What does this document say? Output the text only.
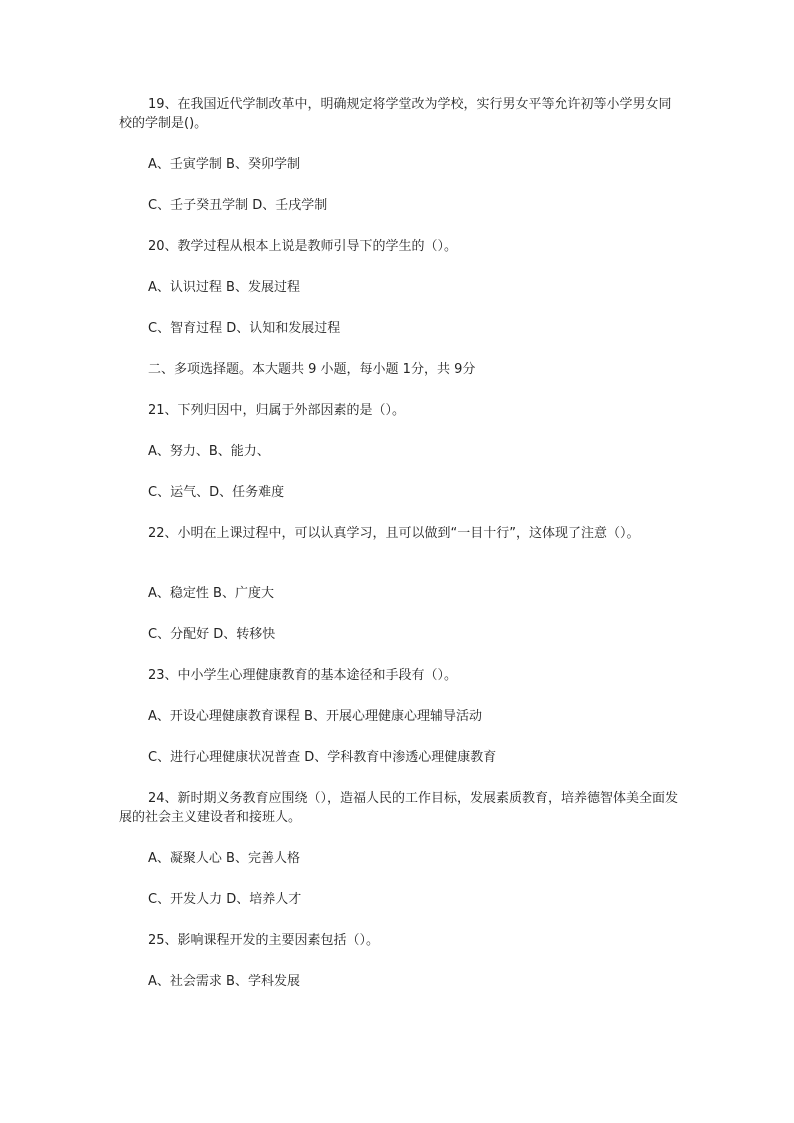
19、在我国近代学制改革中，明确规定将学堂改为学校，实行男女平等允许初等小学男女同校的学制是()。

A、壬寅学制 B、癸卯学制

C、壬子癸丑学制 D、壬戌学制

20、教学过程从根本上说是教师引导下的学生的（）。

A、认识过程 B、发展过程

C、智育过程 D、认知和发展过程

二、多项选择题。本大题共 9 小题，每小题 1分，共 9分

21、下列归因中，归属于外部因素的是（）。

A、努力、B、能力、

C、运气、D、任务难度

22、小明在上课过程中，可以认真学习，且可以做到“一目十行”，这体现了注意（）。

A、稳定性 B、广度大

C、分配好 D、转移快

23、中小学生心理健康教育的基本途径和手段有（）。

A、开设心理健康教育课程 B、开展心理健康心理辅导活动

C、进行心理健康状况普查 D、学科教育中渗透心理健康教育

24、新时期义务教育应围绕（），造福人民的工作目标，发展素质教育，培养德智体美全面发展的社会主义建设者和接班人。

A、凝聚人心 B、完善人格

C、开发人力 D、培养人才

25、影响课程开发的主要因素包括（）。

A、社会需求 B、学科发展
